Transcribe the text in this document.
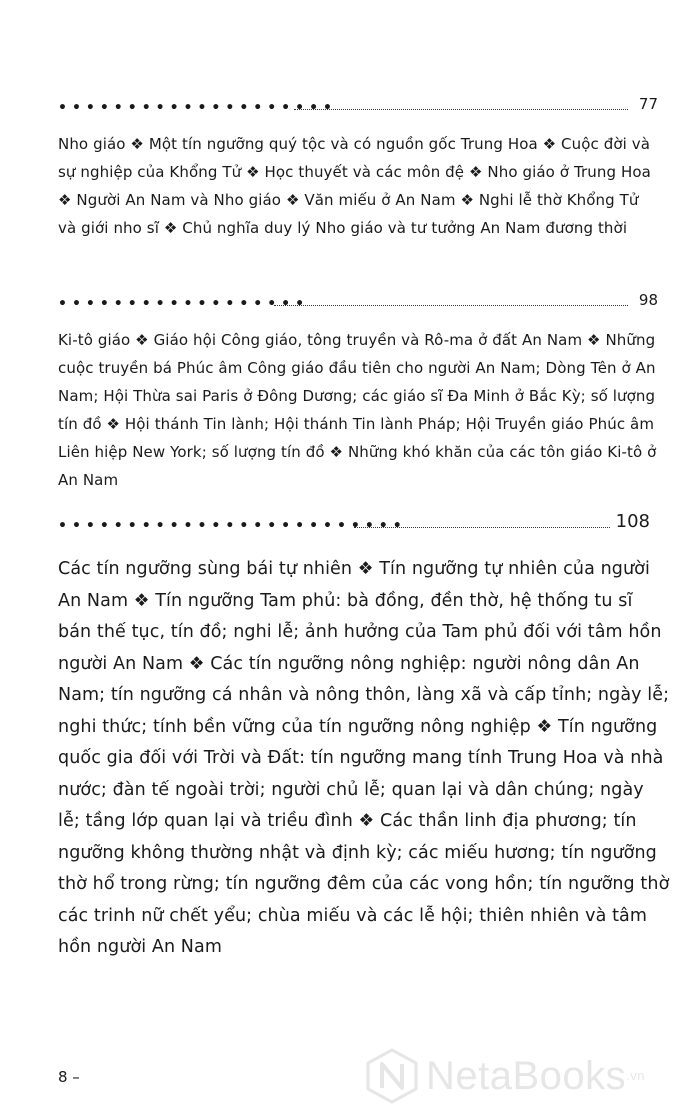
••••••••••••••••••••	77

Nho giáo ❖ Một tín ngưỡng quý tộc và có nguồn gốc Trung Hoa ❖ Cuộc đời và sự nghiệp của Khổng Tử ❖ Học thuyết và các môn đệ ❖ Nho giáo ở Trung Hoa ❖ Người An Nam và Nho giáo ❖ Văn miếu ở An Nam ❖ Nghi lễ thờ Khổng Tử và giới nho sĩ ❖ Chủ nghĩa duy lý Nho giáo và tư tưởng An Nam đương thời

••••••••••••••••••	98

Ki-tô giáo ❖ Giáo hội Công giáo, tông truyền và Rô-ma ở đất An Nam ❖ Những cuộc truyền bá Phúc âm Công giáo đầu tiên cho người An Nam; Dòng Tên ở An Nam; Hội Thừa sai Paris ở Đông Dương; các giáo sĩ Đa Minh ở Bắc Kỳ; số lượng tín đồ ❖ Hội thánh Tin lành; Hội thánh Tin lành Pháp; Hội Truyền giáo Phúc âm Liên hiệp New York; số lượng tín đồ ❖ Những khó khăn của các tôn giáo Ki-tô ở An Nam

•••••••••••••••••••••••••	108

Các tín ngưỡng sùng bái tự nhiên ❖ Tín ngưỡng tự nhiên của người An Nam ❖ Tín ngưỡng Tam phủ: bà đồng, đền thờ, hệ thống tu sĩ bán thế tục, tín đồ; nghi lễ; ảnh hưởng của Tam phủ đối với tâm hồn người An Nam ❖ Các tín ngưỡng nông nghiệp: người nông dân An Nam; tín ngưỡng cá nhân và nông thôn, làng xã và cấp tỉnh; ngày lễ; nghi thức; tính bền vững của tín ngưỡng nông nghiệp ❖ Tín ngưỡng quốc gia đối với Trời và Đất: tín ngưỡng mang tính Trung Hoa và nhà nước; đàn tế ngoài trời; người chủ lễ; quan lại và dân chúng; ngày lễ; tầng lớp quan lại và triều đình ❖ Các thần linh địa phương; tín ngưỡng không thường nhật và định kỳ; các miếu hương; tín ngưỡng thờ hổ trong rừng; tín ngưỡng đêm của các vong hồn; tín ngưỡng thờ các trinh nữ chết yểu; chùa miếu và các lễ hội; thiên nhiên và tâm hồn người An Nam

8 –	NetaBooks.vn
